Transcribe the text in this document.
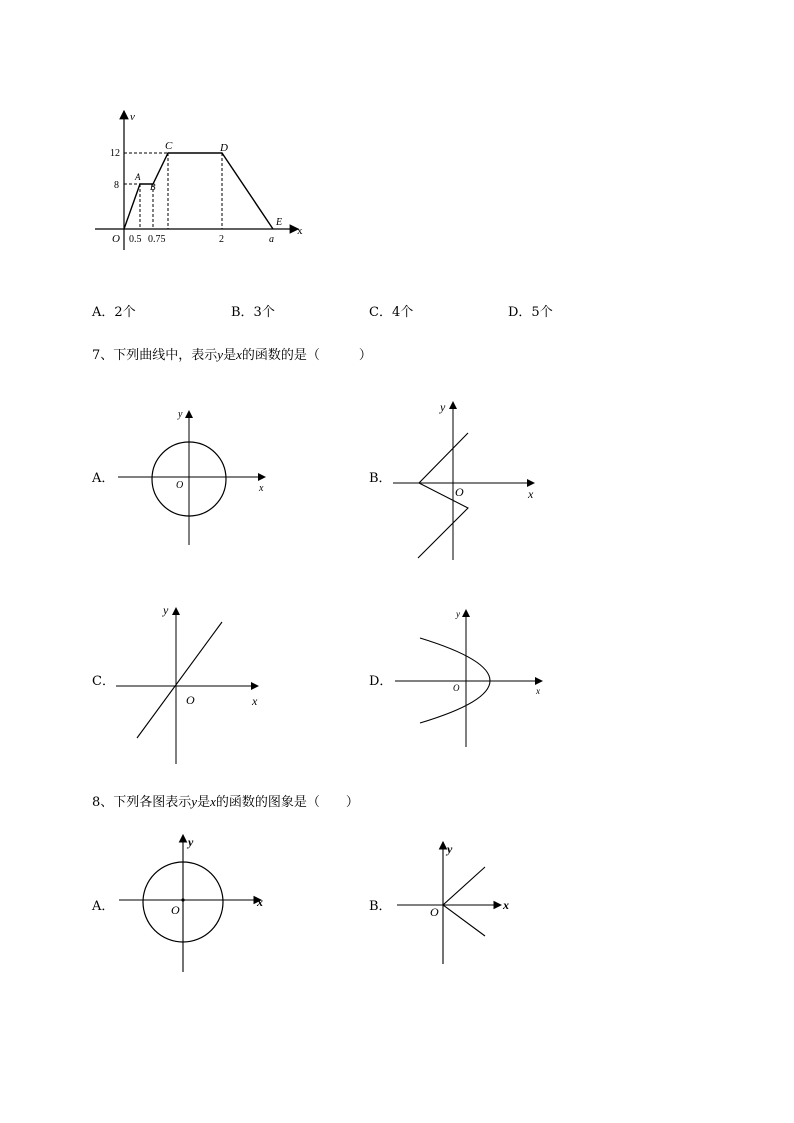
v
x
O
12
8
0.5 0.75	2
A
B
C	D
E
a
A．2个	B．3个	C．4个	D．5个
7、下列曲线中，表示y是x的函数的是（　　　）
A．	B．
C．	D．
x
y
O
x
y
O
x
y
O
x
y
O
8、下列各图表示y是x的函数的图象是（　　）
A．	B．
x
y
O	x
y
O
